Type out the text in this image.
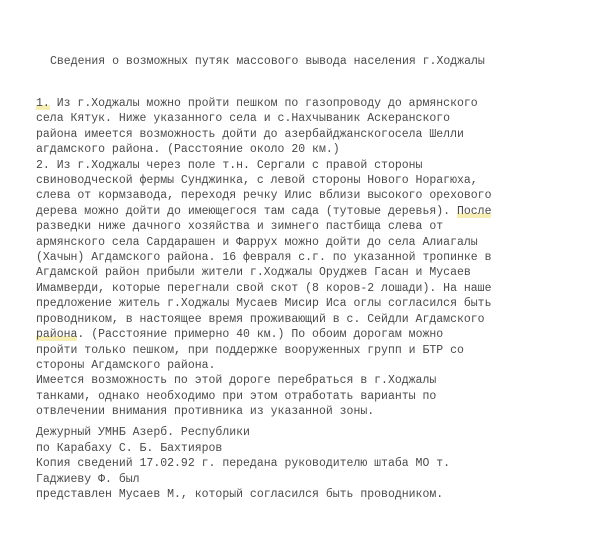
Сведения о возможных путяк массового вывода населения г.Ходжалы
1. Из г.Ходжалы можно пройти пешком по газопроводу до армянского
села Кятук. Ниже указанного села и с.Нахчываник Аскеранского
района имеется возможность дойти до азербайджанскогосела Шелли
агдамского района. (Расстояние около 20 км.)
2. Из г.Ходжалы через поле т.н. Сергали с правой стороны
свиноводческой фермы Сунджинка, с левой стороны Нового Норагюха,
слева от кормзавода, переходя речку Илис вблизи высокого орехового
дерева можно дойти до имеющегося там сада (тутовые деревья). После
разведки ниже дачного хозяйства и зимнего пастбища слева от
армянского села Сардарашен и Фаррух можно дойти до села Алиагалы
(Хачын) Агдамского района. 16 февраля с.г. по указанной тропинке в
Агдамской район прибыли жители г.Ходжалы Оруджев Гасан и Мусаев
Имамверди, которые перегнали свой скот (8 коров-2 лошади). На наше
предложение житель г.Ходжалы Мусаев Мисир Иса оглы согласился быть
проводником, в настоящее время проживающий в с. Сейдли Агдамского
района. (Расстояние примерно 40 км.) По обоим дорогам можно
пройти только пешком, при поддержке вооруженных групп и БТР со
стороны Агдамского района.
Имеется возможность по этой дороге перебраться в г.Ходжалы
танками, однако необходимо при этом отработать варианты по
отвлечении внимания противника из указанной зоны.
Дежурный УМНБ Азерб. Республики
по Карабаху С. Б. Бахтияров
Копия сведений 17.02.92 г. передана руководителю штаба МО т.
Гаджиеву Ф. был
представлен Мусаев М., который согласился быть проводником.
